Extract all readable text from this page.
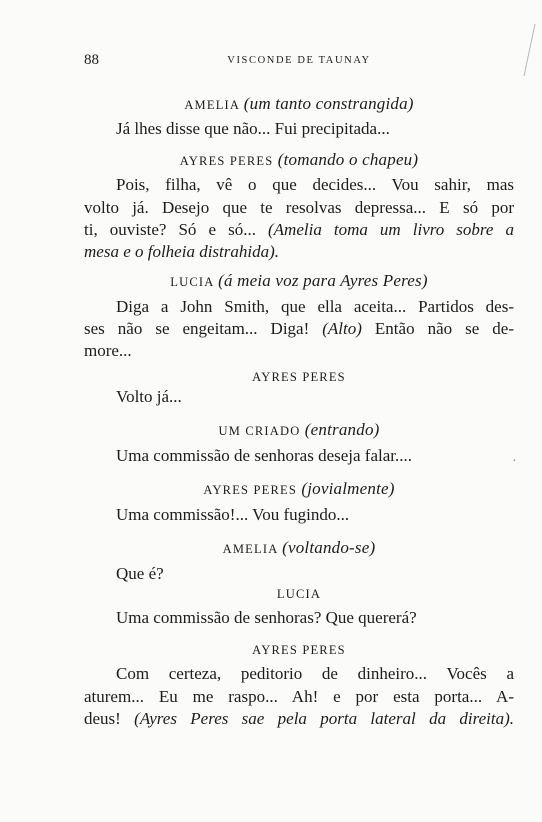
88	VISCONDE DE TAUNAY
AMELIA (um tanto constrangida)
Já lhes disse que não... Fui precipitada...
AYRES PERES (tomando o chapeu)
Pois, filha, vê o que decides... Vou sahir, mas
volto já. Desejo que te resolvas depressa... E só por
ti, ouviste? Só e só... (Amelia toma um livro sobre a
mesa e o folheia distrahida).
LUCIA (á meia voz para Ayres Peres)
Diga a John Smith, que ella aceita... Partidos des-
ses não se engeitam... Diga! (Alto) Então não se de-
more...
AYRES PERES
Volto já...
UM CRIADO (entrando)
Uma commissão de senhoras deseja falar....
AYRES PERES (jovialmente)
Uma commissão!... Vou fugindo...
AMELIA (voltando-se)
Que é?
LUCIA
Uma commissão de senhoras? Que quererá?
AYRES PERES
Com certeza, peditorio de dinheiro... Vocês a
aturem... Eu me raspo... Ah! e por esta porta... A-
deus! (Ayres Peres sae pela porta lateral da direita).
·
